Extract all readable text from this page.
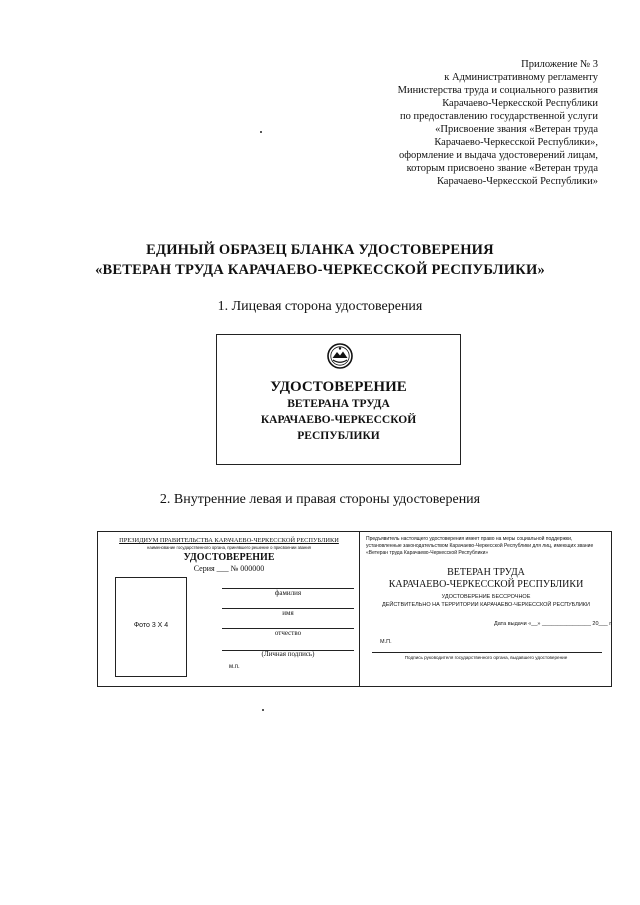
Приложение № 3
к Административному регламенту
Министерства труда и социального развития
Карачаево-Черкесской Республики
по предоставлению государственной услуги
«Присвоение звания «Ветеран труда
Карачаево-Черкесской Республики»,
оформление и выдача удостоверений лицам,
которым присвоено звание «Ветеран труда
Карачаево-Черкесской Республики»
ЕДИНЫЙ ОБРАЗЕЦ БЛАНКА УДОСТОВЕРЕНИЯ
«ВЕТЕРАН ТРУДА КАРАЧАЕВО-ЧЕРКЕССКОЙ РЕСПУБЛИКИ»
1. Лицевая сторона удостоверения
УДОСТОВЕРЕНИЕ
ВЕТЕРАНА ТРУДА
КАРАЧАЕВО-ЧЕРКЕССКОЙ
РЕСПУБЛИКИ
2. Внутренние левая и правая стороны удостоверения
ПРЕЗИДИУМ ПРАВИТЕЛЬСТВА КАРАЧАЕВО-ЧЕРКЕССКОЙ РЕСПУБЛИКИ
наименование государственного органа, принявшего решение о присвоении звания
УДОСТОВЕРЕНИЕ
Серия ___ № 000000
Фото 3 Х 4
фамилия
имя
отчество
(Личная подпись)
м.п.
Предъявитель настоящего удостоверения имеет право на меры социальной поддержки, установленные законодательством Карачаево-Черкесской Республики для лиц, имеющих звание «Ветеран труда Карачаево-Черкесской Республики»
ВЕТЕРАН ТРУДА
КАРАЧАЕВО-ЧЕРКЕССКОЙ РЕСПУБЛИКИ
УДОСТОВЕРЕНИЕ БЕССРОЧНОЕ
ДЕЙСТВИТЕЛЬНО НА ТЕРРИТОРИИ КАРАЧАЕВО-ЧЕРКЕССКОЙ РЕСПУБЛИКИ
Дата выдачи «__» ________________ 20___ г.
М.П.
Подпись руководителя государственного органа, выдавшего удостоверение
